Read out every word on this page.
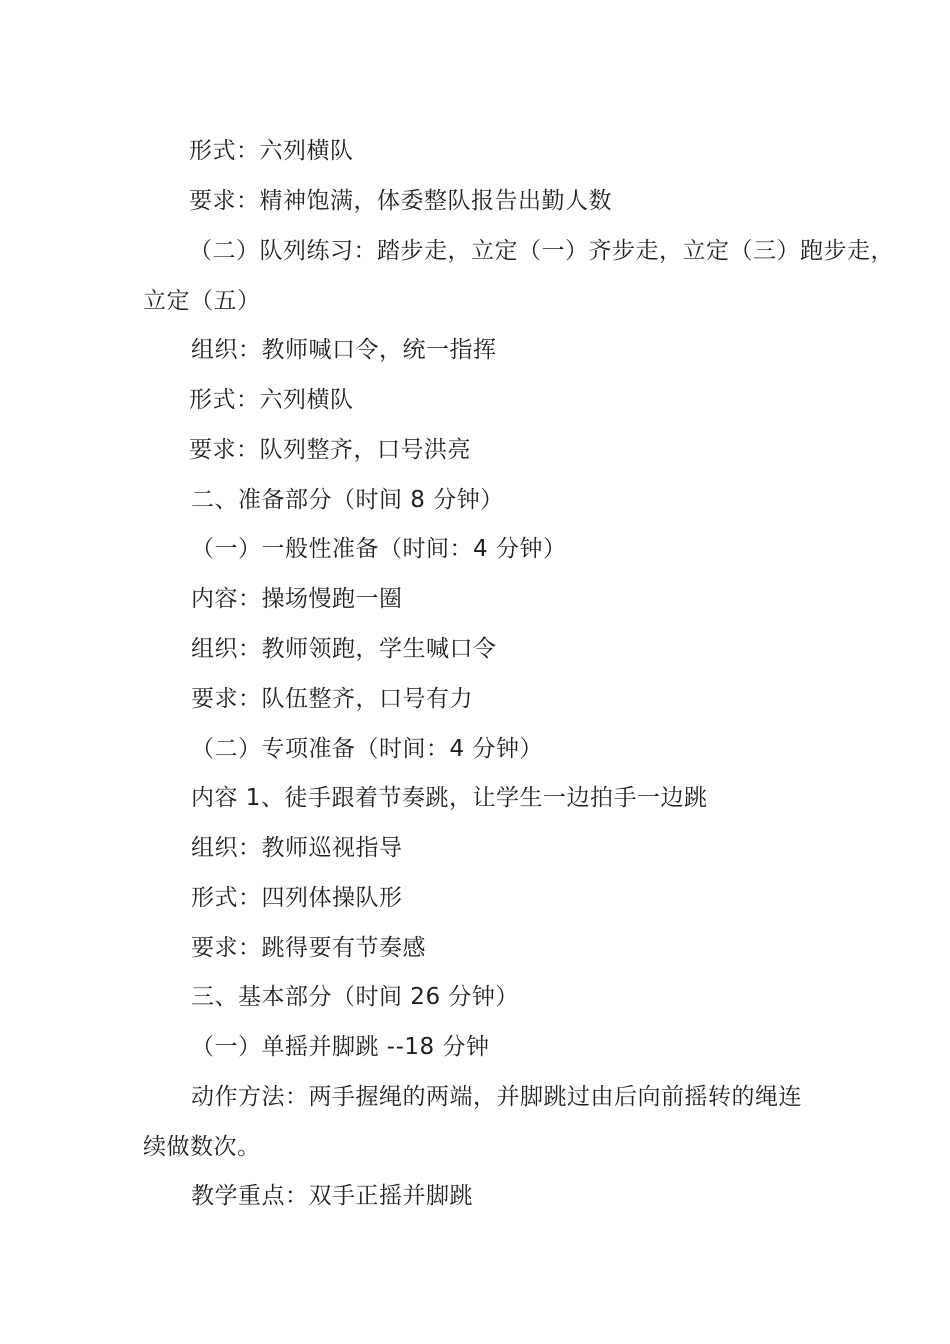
形式：六列横队
要求：精神饱满，体委整队报告出勤人数
（二）队列练习：踏步走，立定（一）齐步走，立定（三）跑步走，
立定（五）
组织：教师喊口令，统一指挥
形式：六列横队
要求：队列整齐，口号洪亮
二、准备部分（时间 8 分钟）
（一）一般性准备（时间：4 分钟）
内容：操场慢跑一圈
组织：教师领跑，学生喊口令
要求：队伍整齐，口号有力
（二）专项准备（时间：4 分钟）
内容 1、徒手跟着节奏跳，让学生一边拍手一边跳
组织：教师巡视指导
形式：四列体操队形
要求：跳得要有节奏感
三、基本部分（时间 26 分钟）
（一）单摇并脚跳 --18 分钟
动作方法：两手握绳的两端，并脚跳过由后向前摇转的绳连
续做数次。
教学重点：双手正摇并脚跳
